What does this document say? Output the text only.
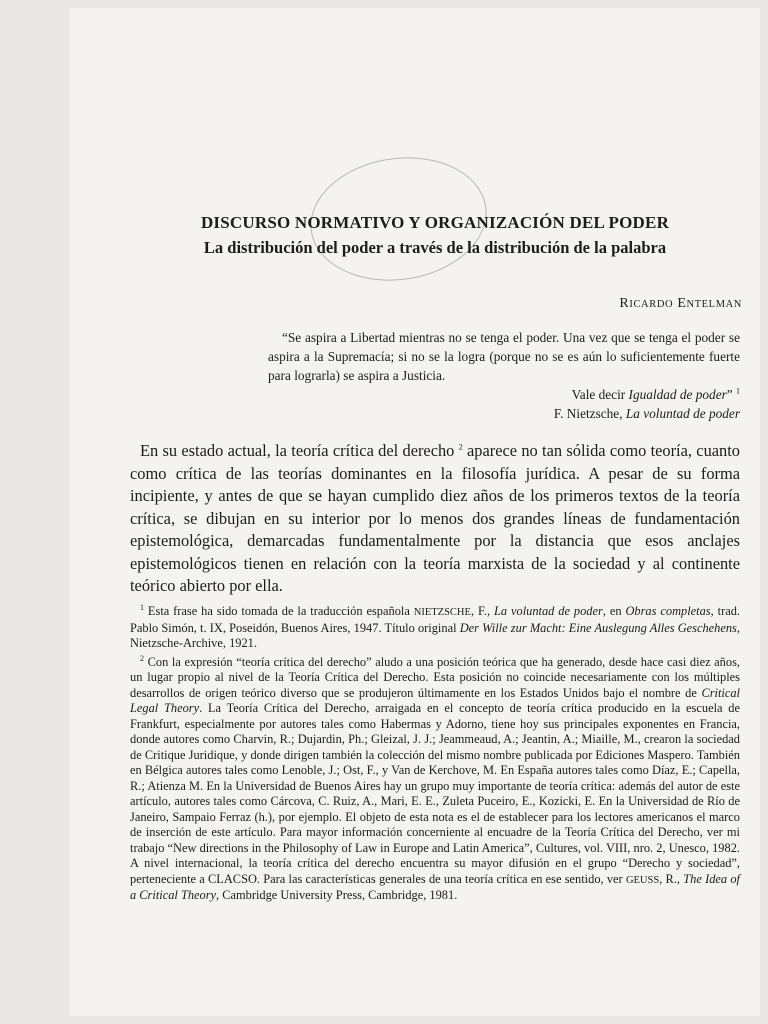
DISCURSO NORMATIVO Y ORGANIZACIÓN DEL PODER
La distribución del poder a través de la distribución de la palabra
RICARDO ENTELMAN
“Se aspira a Libertad mientras no se tenga el poder. Una vez que se tenga el poder se aspira a la Supremacía; si no se la logra (porque no se es aún lo suficientemente fuerte para lograrla) se aspira a Justicia.
Vale decir Igualdad de poder” $^1$
F. Nietzsche, La voluntad de poder

En su estado actual, la teoría crítica del derecho $^2$ aparece no tan sólida como teoría, cuanto como crítica de las teorías dominantes en la filosofía jurídica. A pesar de su forma incipiente, y antes de que se hayan cumplido diez años de los primeros textos de la teoría crítica, se dibujan en su interior por lo menos dos grandes líneas de fundamentación epistemológica, demarcadas fundamentalmente por la distancia que esos anclajes epistemológicos tienen en relación con la teoría marxista de la sociedad y al continente teórico abierto por ella.

$^1$ Esta frase ha sido tomada de la traducción española NIETZSCHE, F., La voluntad de poder, en Obras completas, trad. Pablo Simón, t. IX, Poseidón, Buenos Aires, 1947. Título original Der Wille zur Macht: Eine Auslegung Alles Geschehens, Nietzsche-Archive, 1921.

$^2$ Con la expresión “teoría crítica del derecho” aludo a una posición teórica que ha generado, desde hace casi diez años, un lugar propio al nivel de la Teoría Crítica del Derecho. Esta posición no coincide necesariamente con los múltiples desarrollos de origen teórico diverso que se produjeron últimamente en los Estados Unidos bajo el nombre de Critical Legal Theory. La Teoría Crítica del Derecho, arraigada en el concepto de teoría crítica producido en la escuela de Frankfurt, especialmente por autores tales como Habermas y Adorno, tiene hoy sus principales exponentes en Francia, donde autores como Charvin, R.; Dujardin, Ph.; Gleizal, J. J.; Jeammeaud, A.; Jeantin, A.; Miaille, M., crearon la sociedad de Critique Juridique, y donde dirigen también la colección del mismo nombre publicada por Ediciones Maspero. También en Bélgica autores tales como Lenoble, J.; Ost, F., y Van de Kerchove, M. En España autores tales como Díaz, E.; Capella, R.; Atienza M. En la Universidad de Buenos Aires hay un grupo muy importante de teoría crítica: además del autor de este artículo, autores tales como Cárcova, C. Ruiz, A., Mari, E. E., Zuleta Puceiro, E., Kozicki, E. En la Universidad de Río de Janeiro, Sampaio Ferraz (h.), por ejemplo. El objeto de esta nota es el de establecer para los lectores americanos el marco de inserción de este artículo. Para mayor información concerniente al encuadre de la Teoría Crítica del Derecho, ver mi trabajo “New directions in the Philosophy of Law in Europe and Latin America”, Cultures, vol. VIII, nro. 2, Unesco, 1982. A nivel internacional, la teoría crítica del derecho encuentra su mayor difusión en el grupo “Derecho y sociedad”, perteneciente a CLACSO. Para las características generales de una teoría crítica en ese sentido, ver GEUSS, R., The Idea of a Critical Theory, Cambridge University Press, Cambridge, 1981.
